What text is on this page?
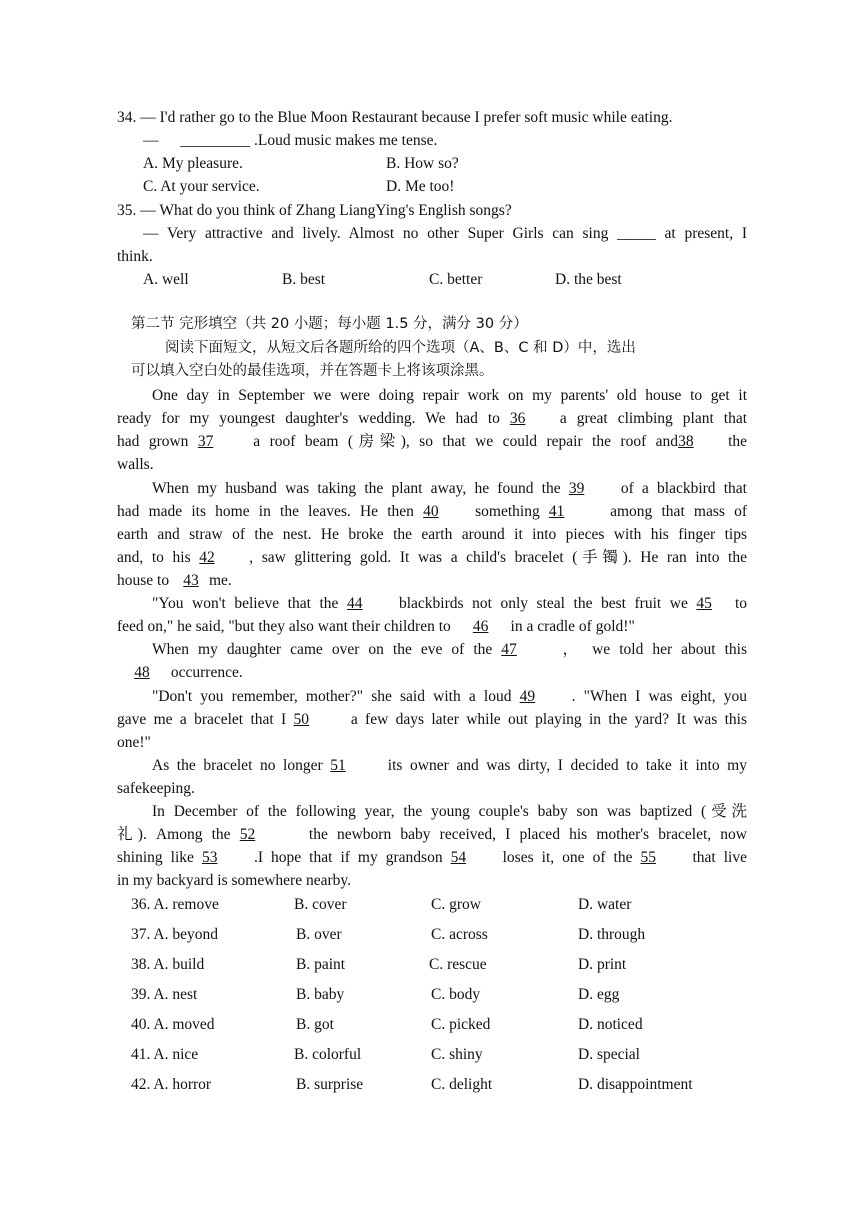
34. — I'd rather go to the Blue Moon Restaurant because I prefer soft music while eating.
— _________ .Loud music makes me tense.
A. My pleasure.	B. How so?
C. At your service.	D. Me too!
35. — What do you think of Zhang LiangYing's English songs?
— Very attractive and lively. Almost no other Super Girls can sing _____ at present, I
think.
A. well	B. best	C. better	D. the best
第二节 完形填空（共 20 小题；每小题 1.5 分，满分 30 分）
阅读下面短文，从短文后各题所给的四个选项（A、B、C 和 D）中，选出
可以填入空白处的最佳选项，并在答题卡上将该项涂黑。
One day in September we were doing repair work on my parents' old house to get it
ready for my youngest daughter's wedding. We had to 36 a great climbing plant that
had grown 37 a roof beam (房梁), so that we could repair the roof and38 the
walls.
When my husband was taking the plant away, he found the 39 of a blackbird that
had made its home in the leaves. He then 40 something 41	among that mass of
earth and straw of the nest. He broke the earth around it into pieces with his finger tips
and, to his 42 , saw glittering gold. It was a child's bracelet (手镯). He ran into the
house to 43 me.
"You won't believe that the 44 blackbirds not only steal the best fruit we 45 to
feed on," he said, "but they also want their children to 46 in a cradle of gold!"
When my daughter came over on the eve of the 47	， we told her about this
48 occurrence.
"Don't you remember, mother?" she said with a loud 49 . "When I was eight, you
gave me a bracelet that I 50 a few days later while out playing in the yard? It was this
one!"
As the bracelet no longer 51 its owner and was dirty, I decided to take it into my
safekeeping.
In December of the following year, the young couple's baby son was baptized (受洗
礼). Among the 52	the newborn baby received, I placed his mother's bracelet, now
shining like 53 .I hope that if my grandson 54 loses it, one of the 55 that live
in my backyard is somewhere nearby.
36. A. remove	B. cover	C. grow	D. water
37. A. beyond	B. over	C. across	D. through
38. A. build	B. paint	C. rescue	D. print
39. A. nest	B. baby	C. body	D. egg
40. A. moved	B. got	C. picked	D. noticed
41. A. nice	B. colorful	C. shiny	D. special
42. A. horror	B. surprise	C. delight	D. disappointment
